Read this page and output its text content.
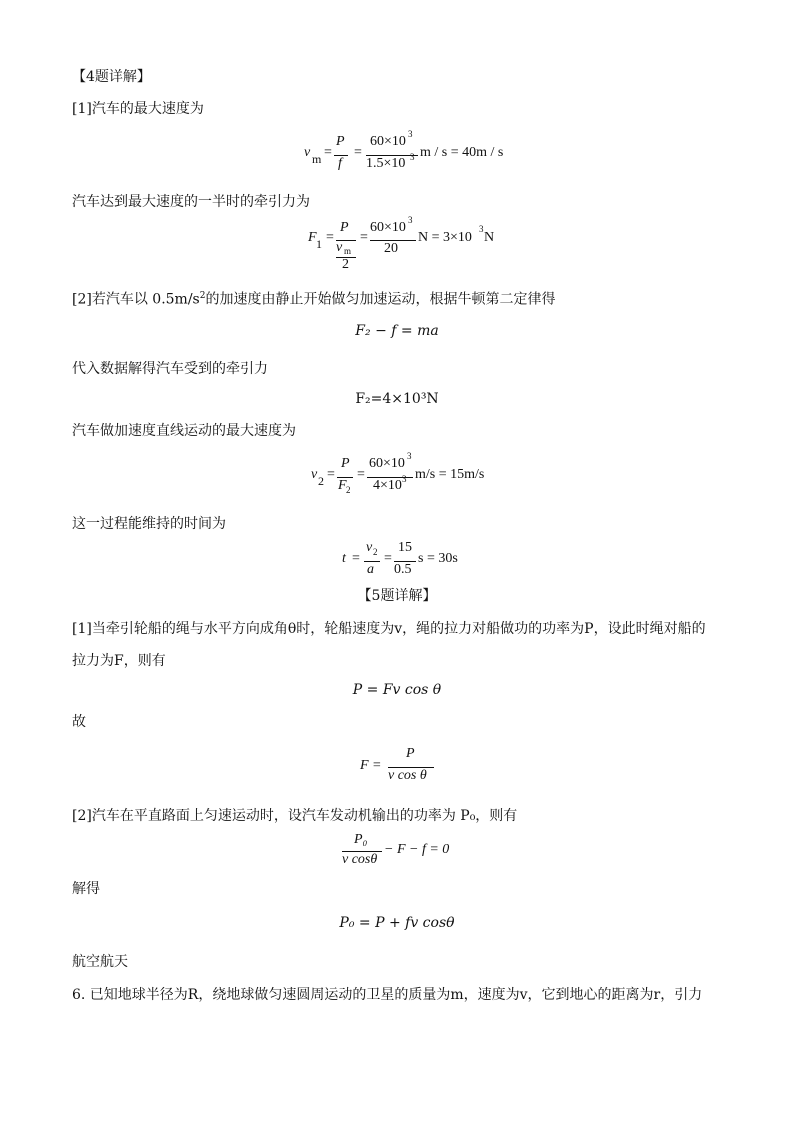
【4题详解】
[1]汽车的最大速度为
v m =
P
f
=
60×10 3
1.5×10 3 m / s = 40m / s
汽车达到最大速度的一半时的牵引力为
F 1 =
P
v m
2
=
60×10 3
20
N = 3×10
3
N
[2]若汽车以 $0.5m/s^2$的加速度由静止开始做匀加速运动，根据牛顿第二定律得
F₂ − f = ma
代入数据解得汽车受到的牵引力
F₂=4×10³N
汽车做加速度直线运动的最大速度为
v 2 =
P
F 2
=
60×10 3
4×10 3 m/s = 15m/s
这一过程能维持的时间为
t =
v 2
a
=
15
0.5
s = 30s
【5题详解】
[1]当牵引轮船的绳与水平方向成角θ时，轮船速度为v，绳的拉力对船做功的功率为P，设此时绳对船的
拉力为F，则有
P = Fv cos θ
故
F =
P
v cos θ
[2]汽车在平直路面上匀速运动时，设汽车发动机输出的功率为 P₀，则有
P₀
v cosθ
− F − f = 0
解得
P₀ = P + fv cosθ
航空航天
6. 已知地球半径为R，绕地球做匀速圆周运动的卫星的质量为m，速度为v，它到地心的距离为r，引力
